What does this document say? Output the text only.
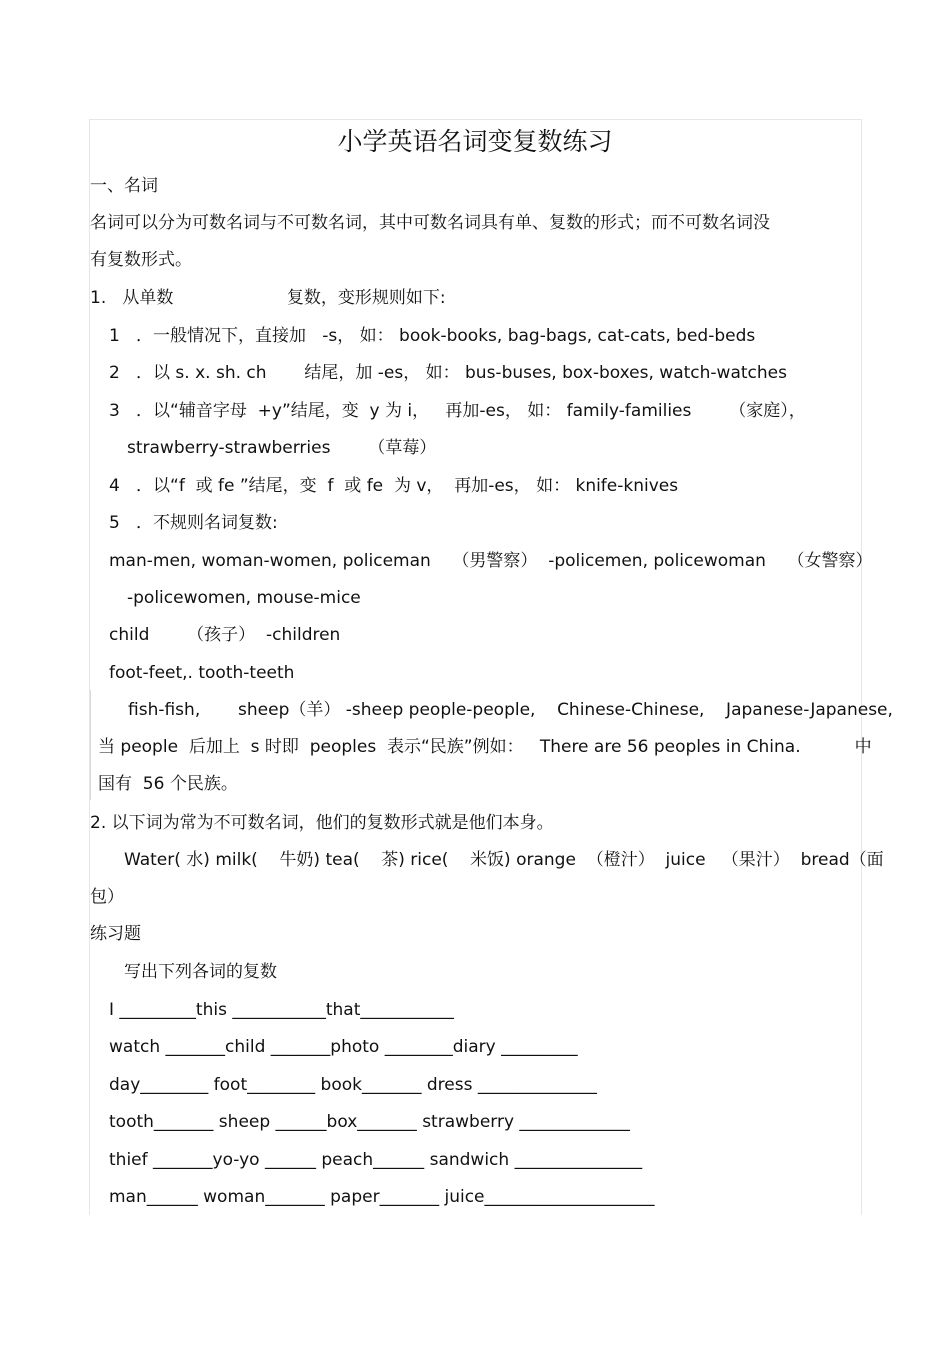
小学英语名词变复数练习
一、名词
名词可以分为可数名词与不可数名词，其中可数名词具有单、复数的形式；而不可数名词没
有复数形式。
1.   从单数                     复数，变形规则如下:
1   ．一般情况下，直接加   -s， 如： book-books, bag-bags, cat-cats, bed-beds
2   ．以 s. x. sh. ch       结尾，加 -es， 如： bus-buses, box-boxes, watch-watches
3   ．以“辅音字母  +y”结尾，变  y 为 i，   再加-es， 如： family-families       （家庭），
strawberry-strawberries       （草莓）
4   ．以“f  或 fe ”结尾，变  f  或 fe  为 v，  再加-es， 如： knife-knives
5   ．不规则名词复数:
man-men, woman-women, policeman    （男警察）  -policemen, policewoman    （女警察）
-policewomen, mouse-mice
child       （孩子）  -children
foot-feet,. tooth-teeth
fish-fish,       sheep（羊） -sheep people-people,    Chinese-Chinese,    Japanese-Japanese,
当 people  后加上  s 时即  peoples  表示“民族”例如：   There are 56 peoples in China.          中
国有  56 个民族。
2. 以下词为常为不可数名词，他们的复数形式就是他们本身。
Water( 水) milk(    牛奶) tea(    茶) rice(    米饭) orange  （橙汁）  juice   （果汁）  bread（面
包）
练习题
写出下列各词的复数
I _________this ___________that___________
watch _______child _______photo ________diary _________
day________ foot________ book_______ dress ______________
tooth_______ sheep ______box_______ strawberry _____________
thief _______yo-yo ______ peach______ sandwich _______________
man______ woman_______ paper_______ juice____________________
